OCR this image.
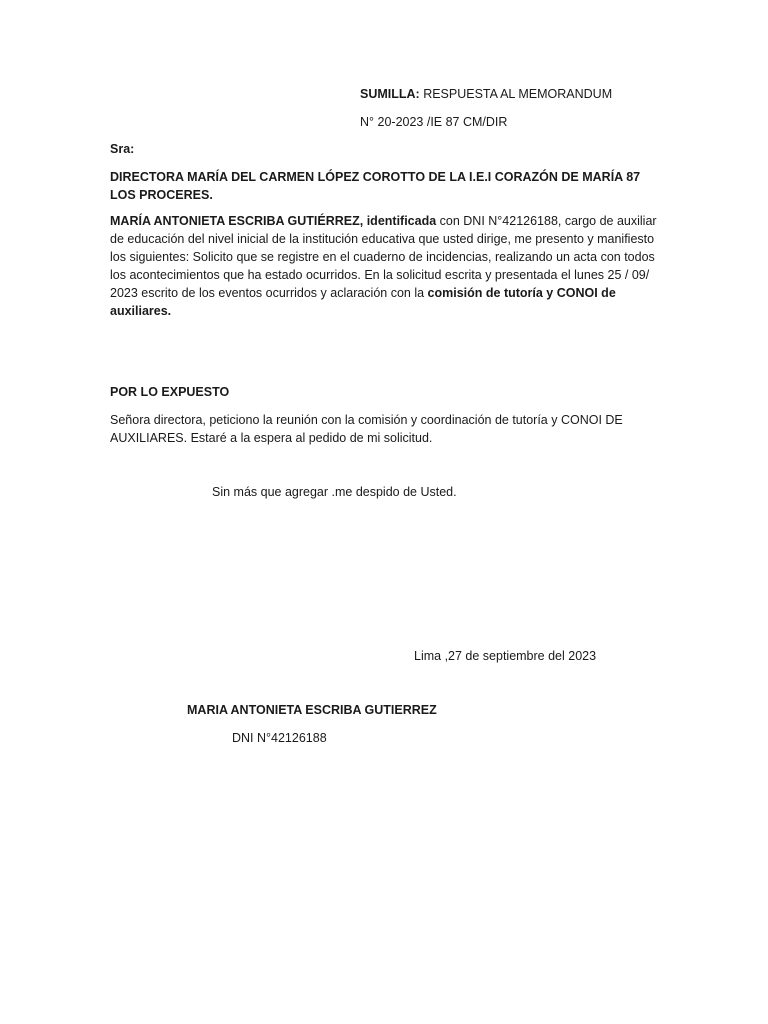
SUMILLA: RESPUESTA AL MEMORANDUM
N° 20-2023 /IE 87 CM/DIR
Sra:
DIRECTORA MARÍA DEL CARMEN LÓPEZ COROTTO DE LA I.E.I CORAZÓN DE MARÍA 87 LOS PROCERES.
MARÍA ANTONIETA ESCRIBA GUTIÉRREZ, identificada con DNI N°42126188, cargo de auxiliar de educación del nivel inicial de la institución educativa que usted dirige, me presento y manifiesto los siguientes: Solicito que se registre en el cuaderno de incidencias, realizando un acta con todos los acontecimientos que ha estado ocurridos. En la solicitud escrita y presentada el lunes 25 / 09/ 2023 escrito de los eventos ocurridos y aclaración con la comisión de tutoría y CONOI de auxiliares.
POR LO EXPUESTO
Señora directora, peticiono la reunión con la comisión y coordinación de tutoría y CONOI DE AUXILIARES. Estaré a la espera al pedido de mi solicitud.
Sin más que agregar .me despido de Usted.
Lima ,27 de septiembre del 2023
MARIA ANTONIETA ESCRIBA GUTIERREZ
DNI N°42126188
